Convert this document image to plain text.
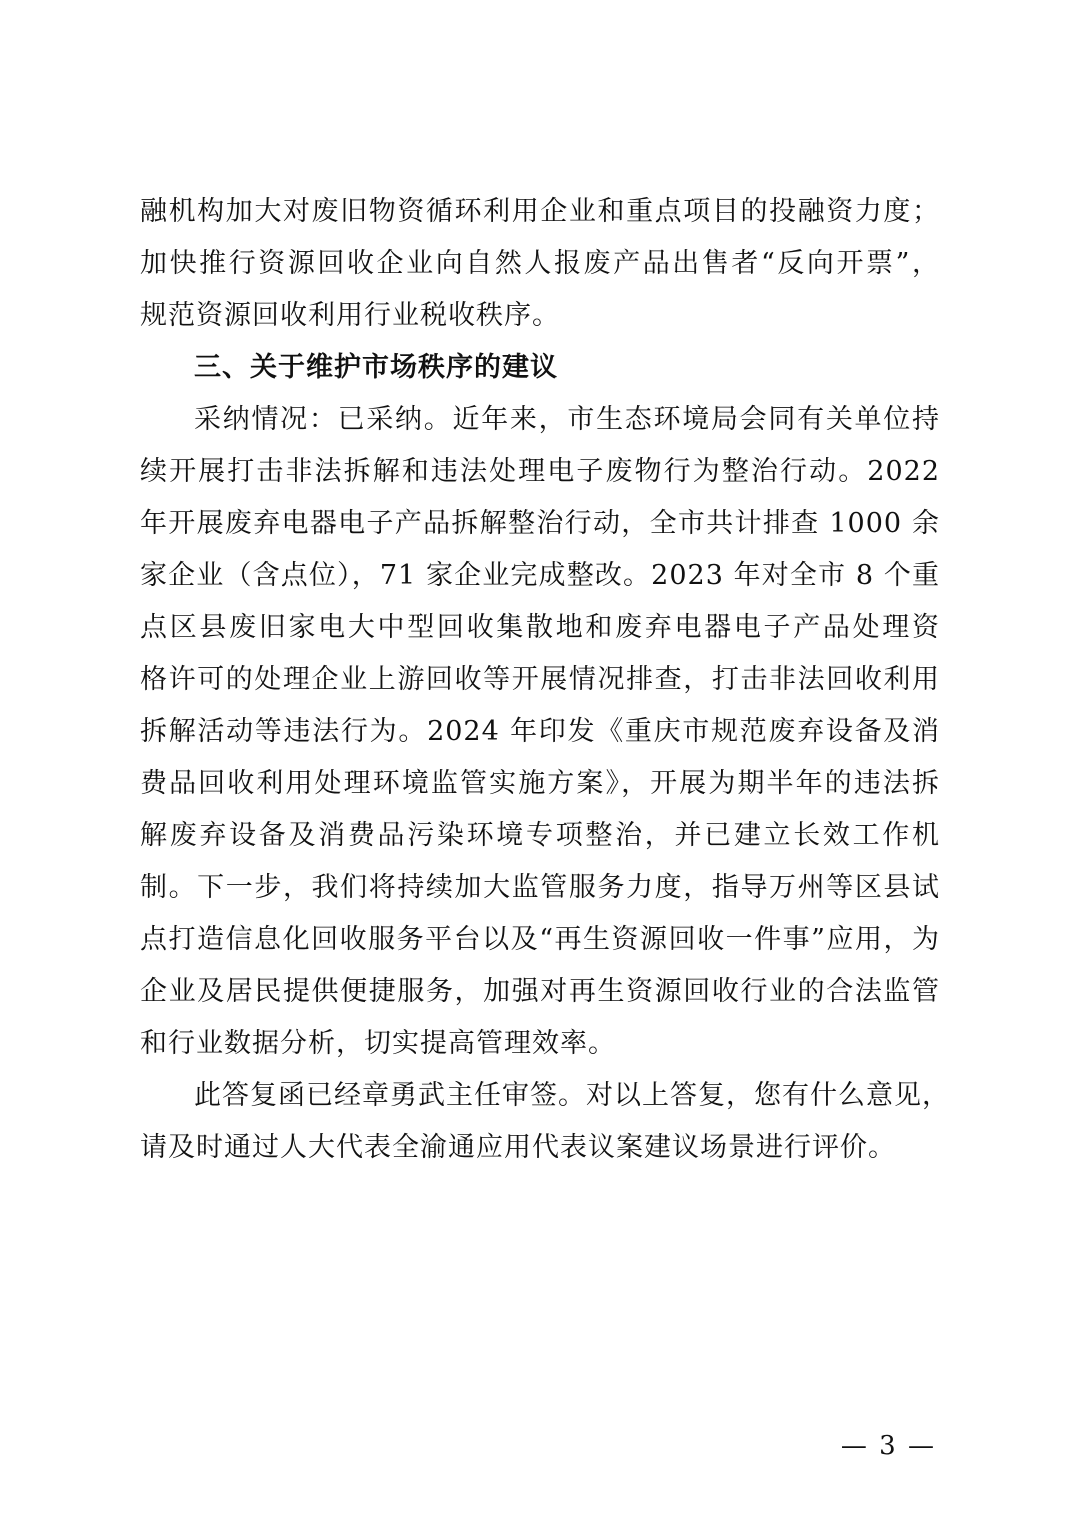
融机构加大对废旧物资循环利用企业和重点项目的投融资力度；

加快推行资源回收企业向自然人报废产品出售者“反向开票”，

规范资源回收利用行业税收秩序。

三、关于维护市场秩序的建议

采纳情况：已采纳。近年来，市生态环境局会同有关单位持

续开展打击非法拆解和违法处理电子废物行为整治行动。2022

年开展废弃电器电子产品拆解整治行动，全市共计排查 1000 余

家企业（含点位），71 家企业完成整改。2023 年对全市 8 个重

点区县废旧家电大中型回收集散地和废弃电器电子产品处理资

格许可的处理企业上游回收等开展情况排查，打击非法回收利用

拆解活动等违法行为。2024 年印发《重庆市规范废弃设备及消

费品回收利用处理环境监管实施方案》，开展为期半年的违法拆

解废弃设备及消费品污染环境专项整治，并已建立长效工作机

制。下一步，我们将持续加大监管服务力度，指导万州等区县试

点打造信息化回收服务平台以及“再生资源回收一件事”应用，为

企业及居民提供便捷服务，加强对再生资源回收行业的合法监管

和行业数据分析，切实提高管理效率。

此答复函已经章勇武主任审签。对以上答复，您有什么意见，

请及时通过人大代表全渝通应用代表议案建议场景进行评价。

— 3 —
